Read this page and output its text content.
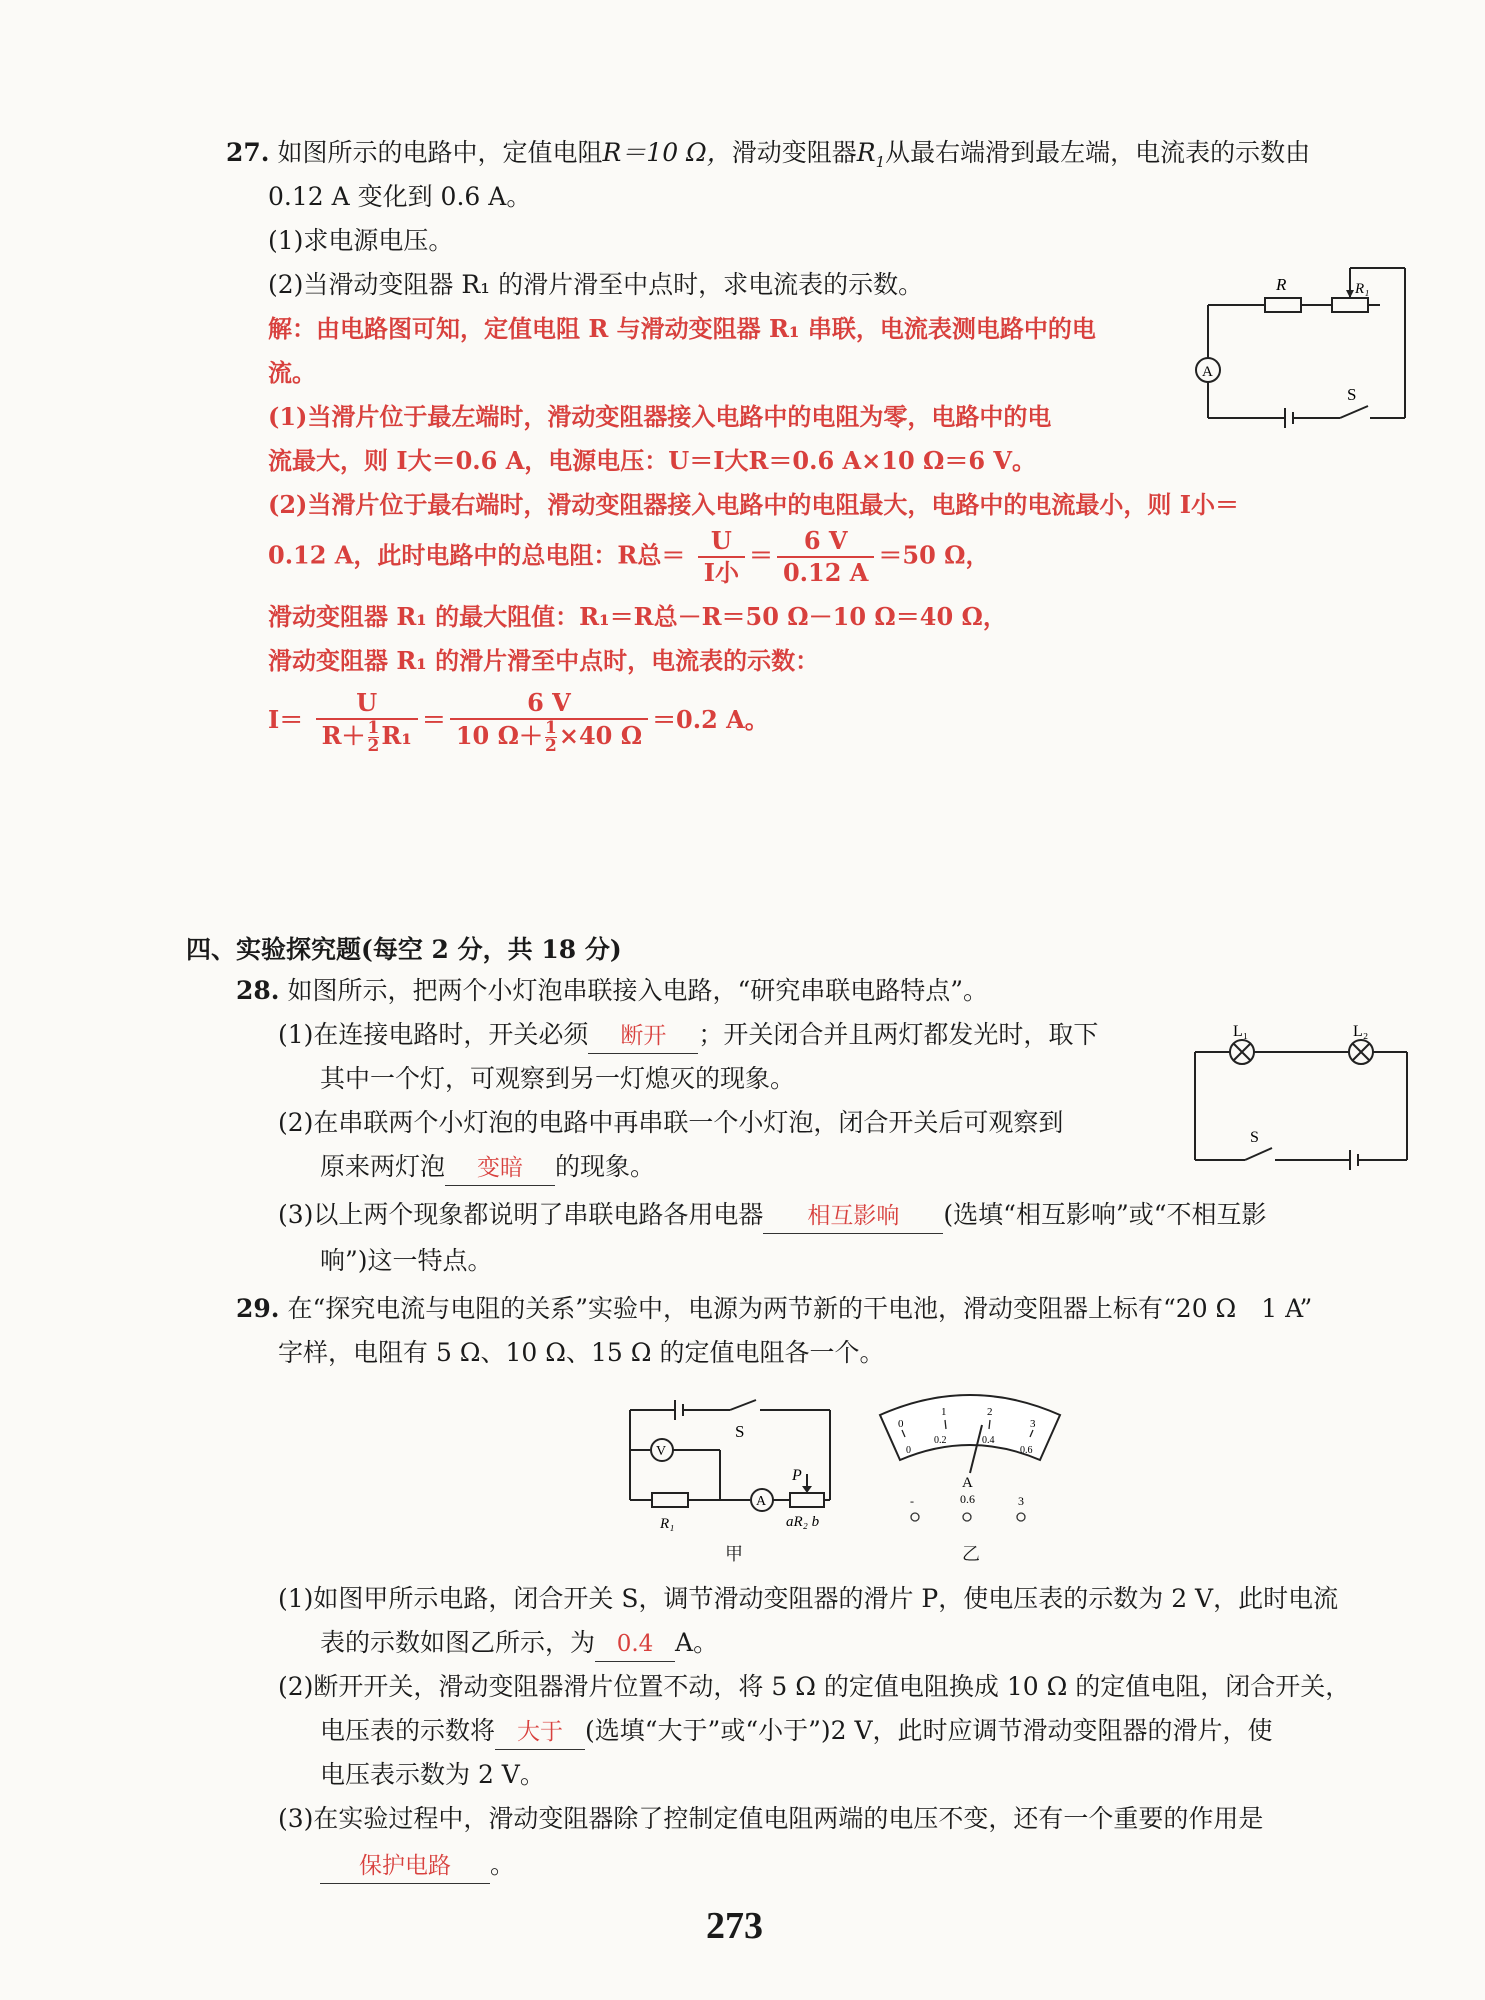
27. 如图所示的电路中，定值电阻R＝10 Ω，滑动变阻器$R_1$从最右端滑到最左端，电流表的示数由
0.12 A 变化到 0.6 A。
(1)求电源电压。
(2)当滑动变阻器 R₁ 的滑片滑至中点时，求电流表的示数。	R	R₁
A
S
解：由电路图可知，定值电阻 R 与滑动变阻器 R₁ 串联，电流表测电路中的电
流。
(1)当滑片位于最左端时，滑动变阻器接入电路中的电阻为零，电路中的电
流最大，则 I大＝0.6 A，电源电压：U＝I大R＝0.6 A×10 Ω＝6 V。
(2)当滑片位于最右端时，滑动变阻器接入电路中的电阻最大，电路中的电流最小，则 I小＝
0.12 A，此时电路中的总电阻：R总＝ $\frac{U}{\text{I小}} = \frac{6 V}{0.12 A} =50$ Ω，
滑动变阻器 R₁ 的最大阻值：R₁＝R总－R＝50 Ω－10 Ω＝40 Ω，
滑动变阻器 R₁ 的滑片滑至中点时，电流表的示数：
$I= \frac{U}{R+ \frac{1}{2}R_1} = \frac{6 V}{10 \Omega+ \frac{1}{2}\times 40 \Omega} =0.2$ A。
四、实验探究题(每空 2 分，共 18 分)
28. 如图所示，把两个小灯泡串联接入电路，“研究串联电路特点”。
(1)在连接电路时，开关必须 断开 ；开关闭合并且两灯都发光时，取下
其中一个灯，可观察到另一灯熄灭的现象。
(2)在串联两个小灯泡的电路中再串联一个小灯泡，闭合开关后可观察到
原来两灯泡 变暗 的现象。
(3)以上两个现象都说明了串联电路各用电器 相互影响 (选填“相互影响”或“不相互影
响”)这一特点。
L₁	L₂
S
29. 在“探究电流与电阻的关系”实验中，电源为两节新的干电池，滑动变阻器上标有“20 Ω　1 A”
字样，电阻有 5 Ω、10 Ω、15 Ω 的定值电阻各一个。
S
V
A
P
R₁	aR₂ b
甲
0
1	2
3
0
0.2	0.4
0.6
A
-	0.6	3
乙
(1)如图甲所示电路，闭合开关 S，调节滑动变阻器的滑片 P，使电压表的示数为 2 V，此时电流
表的示数如图乙所示，为 0.4 A。
(2)断开开关，滑动变阻器滑片位置不动，将 5 Ω 的定值电阻换成 10 Ω 的定值电阻，闭合开关，
电压表的示数将 大于 (选填“大于”或“小于”)2 V，此时应调节滑动变阻器的滑片，使
电压表示数为 2 V。
(3)在实验过程中，滑动变阻器除了控制定值电阻两端的电压不变，还有一个重要的作用是
保护电路 。
273
